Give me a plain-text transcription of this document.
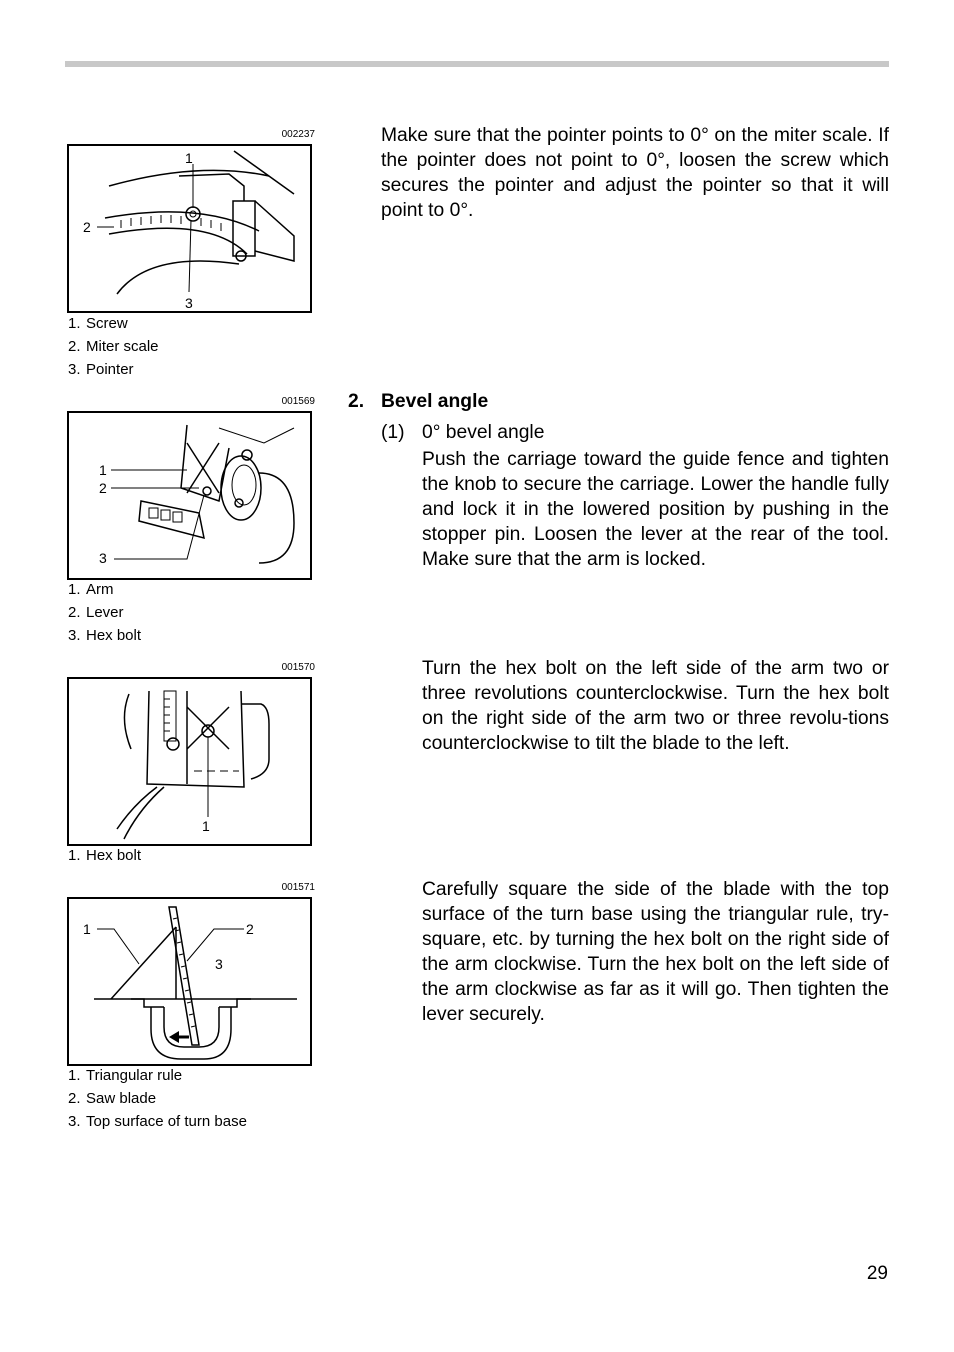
002237
1
2
3
1. Screw
2. Miter scale
3. Pointer
001569
1
2
3
1. Arm
2. Lever
3. Hex bolt
001570
1
1. Hex bolt
001571
1	2
3
1. Triangular rule
2. Saw blade
3. Top surface of turn base
Make sure that the pointer points to 0° on the miter scale. If the pointer does not point to 0°, loosen the screw which secures the pointer and adjust the pointer so that it will point to 0°.
2. Bevel angle
(1) 0° bevel angle
Push the carriage toward the guide fence and tighten the knob to secure the carriage. Lower the handle fully and lock it in the lowered position by pushing in the stopper pin. Loosen the lever at the rear of the tool. Make sure that the arm is locked.
Turn the hex bolt on the left side of the arm two or three revolutions counterclockwise. Turn the hex bolt on the right side of the arm two or three revolu-tions counterclockwise to tilt the blade to the left.
Carefully square the side of the blade with the top surface of the turn base using the triangular rule, try-square, etc. by turning the hex bolt on the right side of the arm clockwise. Turn the hex bolt on the left side of the arm clockwise as far as it will go. Then tighten the lever securely.
29
